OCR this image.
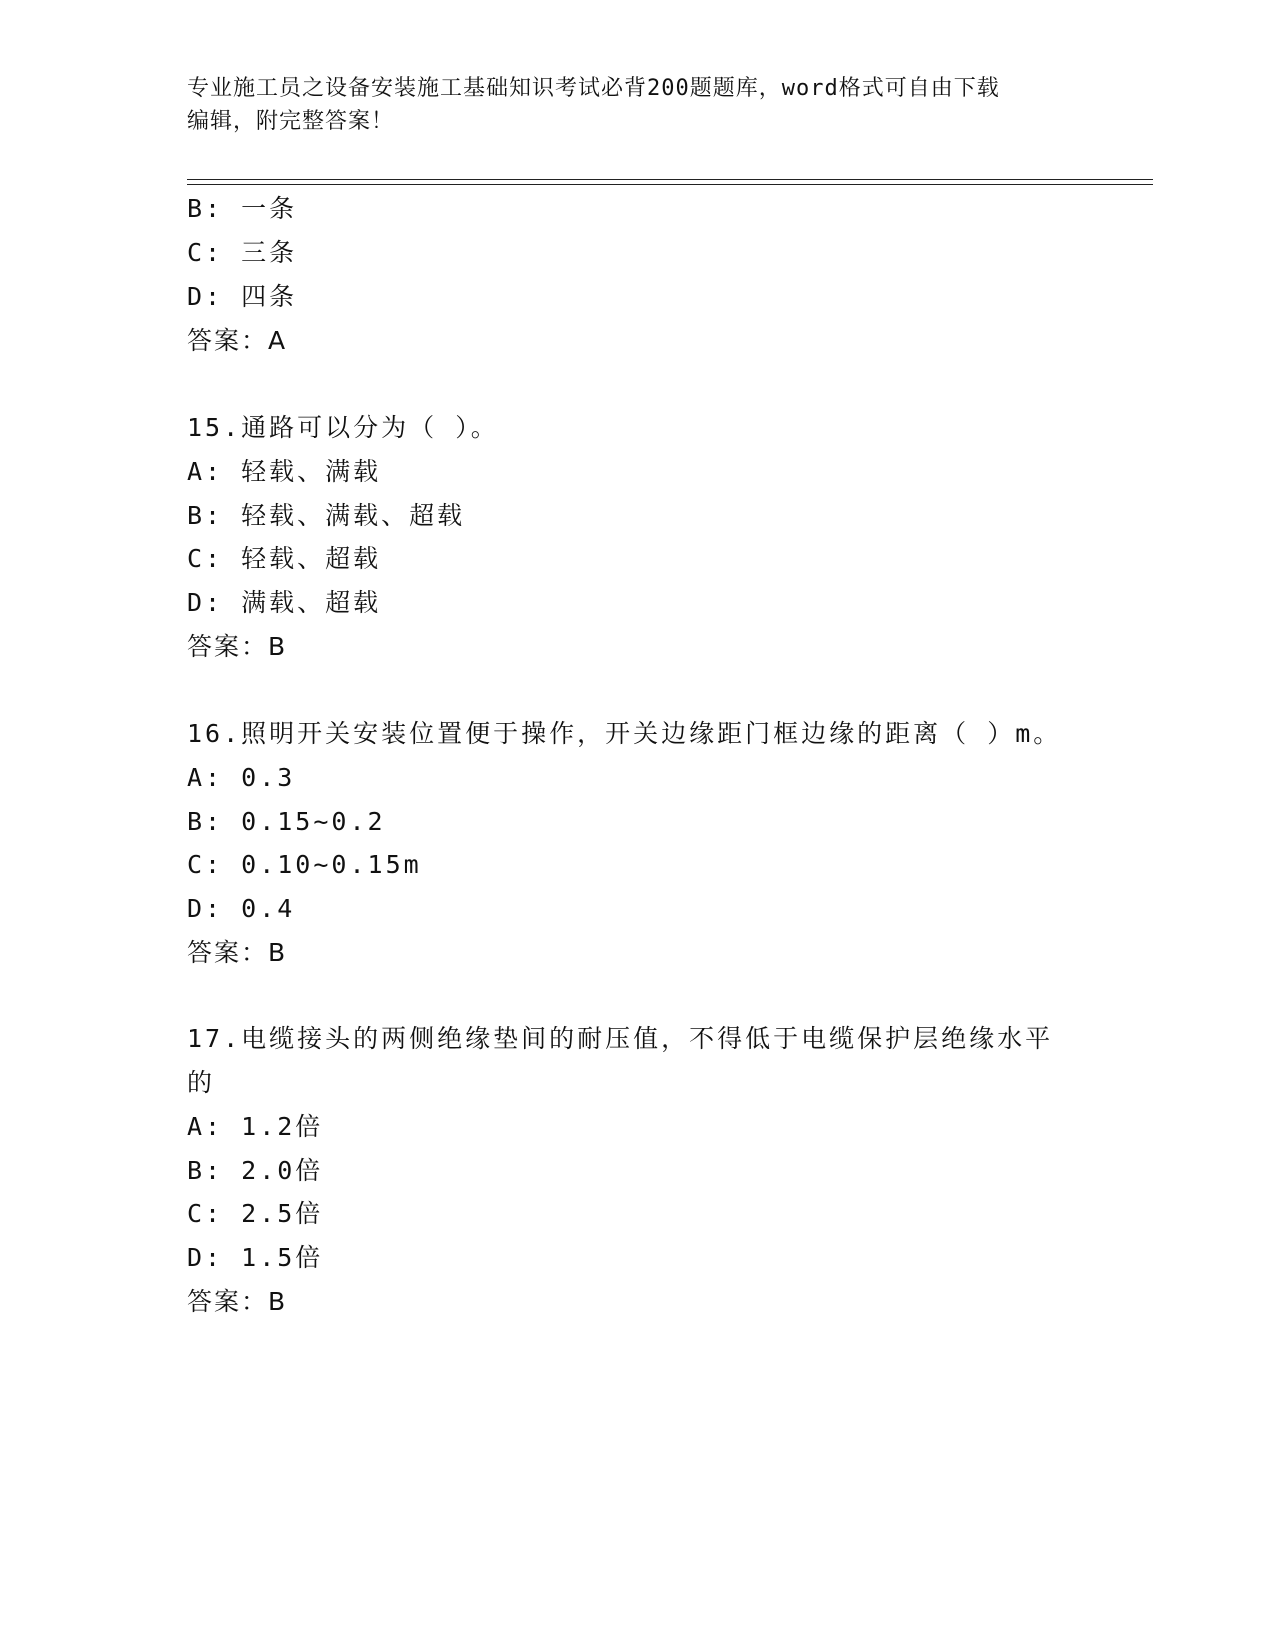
专业施工员之设备安装施工基础知识考试必背200题题库，word格式可自由下载
编辑，附完整答案！
B: 一条
C: 三条
D: 四条
答案：A
15.通路可以分为（ ）。
A: 轻载、满载
B: 轻载、满载、超载
C: 轻载、超载
D: 满载、超载
答案：B
16.照明开关安装位置便于操作，开关边缘距门框边缘的距离（ ）m。
A: 0.3
B: 0.15~0.2
C: 0.10~0.15m
D: 0.4
答案：B
17.电缆接头的两侧绝缘垫间的耐压值，不得低于电缆保护层绝缘水平
的
A: 1.2倍
B: 2.0倍
C: 2.5倍
D: 1.5倍
答案：B
